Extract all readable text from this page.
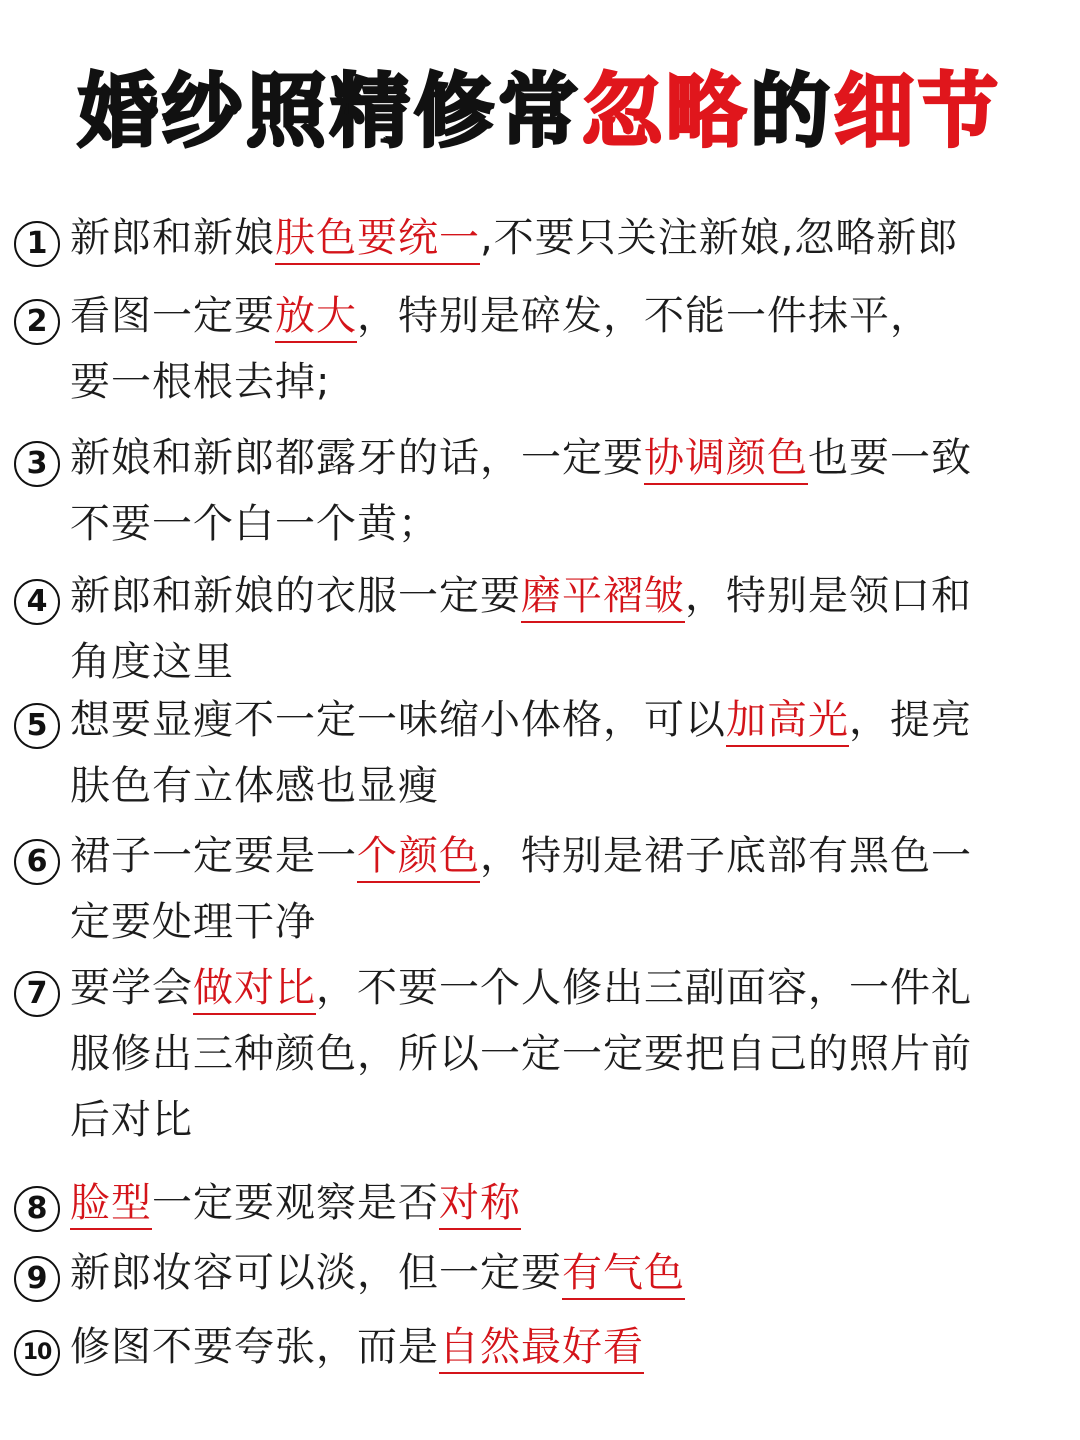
婚纱照精修常忽略的细节
1 新郎和新娘肤色要统一,不要只关注新娘,忽略新郎
2 看图一定要放大，特别是碎发，不能一件抹平，
要一根根去掉;
3 新娘和新郎都露牙的话，一定要协调颜色也要一致
不要一个白一个黄；
4 新郎和新娘的衣服一定要磨平褶皱，特别是领口和
角度这里
5 想要显瘦不一定一味缩小体格，可以加高光，提亮
肤色有立体感也显瘦
6 裙子一定要是一个颜色，特别是裙子底部有黑色一
定要处理干净
7 要学会做对比，不要一个人修出三副面容，一件礼
服修出三种颜色，所以一定一定要把自己的照片前
后对比
8 脸型一定要观察是否对称
9 新郎妆容可以淡，但一定要有气色
10 修图不要夸张，而是自然最好看
